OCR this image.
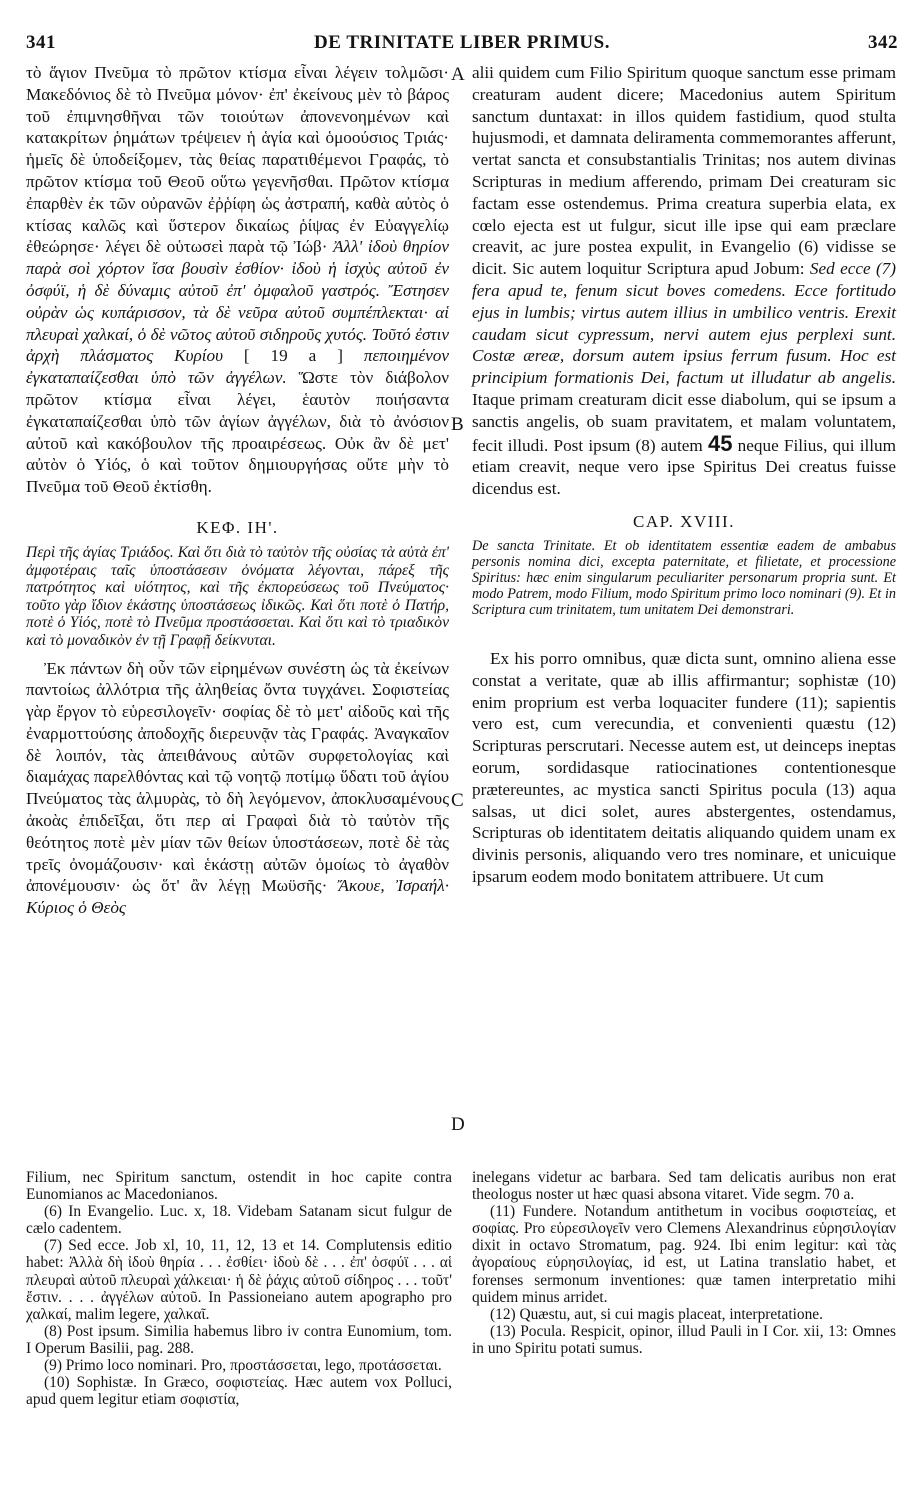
341	DE TRINITATE LIBER PRIMUS.	342

τὸ ἅγιον Πνεῦμα τὸ πρῶτον κτίσμα εἶναι λέγειν τολμῶσι· Μακεδόνιος δὲ τὸ Πνεῦμα μόνον· ἐπ' ἐκείνους μὲν τὸ βάρος τοῦ ἐπιμνησθῆναι τῶν τοιούτων ἀπονενοημένων καὶ κατακρίτων ῥημάτων τρέψειεν ἡ ἁγία καὶ ὁμοούσιος Τριάς· ἡμεῖς δὲ ὑποδείξομεν, τὰς θείας παρατιθέμενοι Γραφάς, τὸ πρῶτον κτίσμα τοῦ Θεοῦ οὕτω γεγενῆσθαι. Πρῶτον κτίσμα ἐπαρθὲν ἐκ τῶν οὐρανῶν ἐῤῥίφη ὡς ἀστραπή, καθὰ αὐτὸς ὁ κτίσας καλῶς καὶ ὕστερον δικαίως ῥίψας ἐν Εὐαγγελίῳ ἐθεώρησε· λέγει δὲ οὑτωσεὶ παρὰ τῷ Ἰώβ· Ἀλλ' ἰδοὺ θηρίον παρὰ σοὶ χόρτον ἴσα βουσὶν ἐσθίον· ἰδοὺ ἡ ἰσχὺς αὐτοῦ ἐν ὀσφύϊ, ἡ δὲ δύναμις αὐτοῦ ἐπ' ὀμφαλοῦ γαστρός. Ἔστησεν οὐρὰν ὡς κυπάρισσον, τὰ δὲ νεῦρα αὐτοῦ συμπέπλεκται· αἱ πλευραὶ χαλκαί, ὁ δὲ νῶτος αὐτοῦ σιδηροῦς χυτός. Τοῦτό ἐστιν ἀρχὴ πλάσματος Κυρίου [ 19 a ] πεποιημένον ἐγκαταπαίζεσθαι ὑπὸ τῶν ἀγγέλων. Ὥστε τὸν διάβολον πρῶτον κτίσμα εἶναι λέγει, ἑαυτὸν ποιήσαντα ἐγκαταπαίζεσθαι ὑπὸ τῶν ἁγίων ἀγγέλων, διὰ τὸ ἀνόσιον αὐτοῦ καὶ κακόβουλον τῆς προαιρέσεως. Οὐκ ἂν δὲ μετ' αὐτὸν ὁ Υἱός, ὁ καὶ τοῦτον δημιουργήσας οὔτε μὴν τὸ Πνεῦμα τοῦ Θεοῦ ἐκτίσθη.

ΚΕΦ. ΙΗ'.

Περὶ τῆς ἁγίας Τριάδος. Καὶ ὅτι διὰ τὸ ταὐτὸν τῆς οὐσίας τὰ αὐτὰ ἐπ' ἀμφοτέραις ταῖς ὑποστάσεσιν ὀνόματα λέγονται, πάρεξ τῆς πατρότητος καὶ υἱότητος, καὶ τῆς ἐκπορεύσεως τοῦ Πνεύματος· τοῦτο γὰρ ἴδιον ἑκάστης ὑποστάσεως ἰδικῶς. Καὶ ὅτι ποτὲ ὁ Πατήρ, ποτὲ ὁ Υἱός, ποτὲ τὸ Πνεῦμα προστάσσεται. Καὶ ὅτι καὶ τὸ τριαδικὸν καὶ τὸ μοναδικὸν ἐν τῇ Γραφῇ δείκνυται.

Ἐκ πάντων δὴ οὖν τῶν εἰρημένων συνέστη ὡς τὰ ἐκείνων παντοίως ἀλλότρια τῆς ἀληθείας ὄντα τυγχάνει. Σοφιστείας γὰρ ἔργον τὸ εὑρεσιλογεῖν· σοφίας δὲ τὸ μετ' αἰδοῦς καὶ τῆς ἐναρμοττούσης ἀποδοχῆς διερευνᾷν τὰς Γραφάς. Ἀναγκαῖον δὲ λοιπόν, τὰς ἀπειθάνους αὐτῶν συρφετολογίας καὶ διαμάχας παρελθόντας καὶ τῷ νοητῷ ποτίμῳ ὕδατι τοῦ ἁγίου Πνεύματος τὰς ἁλμυρὰς, τὸ δὴ λεγόμενον, ἀποκλυσαμένους ἀκοὰς ἐπιδεῖξαι, ὅτι περ αἱ Γραφαὶ διὰ τὸ ταὐτὸν τῆς θεότητος ποτὲ μὲν μίαν τῶν θείων ὑποστάσεων, ποτὲ δὲ τὰς τρεῖς ὀνομάζουσιν· καὶ ἑκάστῃ αὐτῶν ὁμοίως τὸ ἀγαθὸν ἀπονέμουσιν· ὡς ὅτ' ἂν λέγῃ Μωϋσῆς· Ἄκουε, Ἰσραήλ· Κύριος ὁ Θεὸς

A
B
C
D

alii quidem cum Filio Spiritum quoque sanctum esse primam creaturam audent dicere; Macedonius autem Spiritum sanctum duntaxat: in illos quidem fastidium, quod stulta hujusmodi, et damnata deliramenta commemorantes afferunt, vertat sancta et consubstantialis Trinitas; nos autem divinas Scripturas in medium afferendo, primam Dei creaturam sic factam esse ostendemus. Prima creatura superbia elata, ex cœlo ejecta est ut fulgur, sicut ille ipse qui eam præclare creavit, ac jure postea expulit, in Evangelio (6) vidisse se dicit. Sic autem loquitur Scriptura apud Jobum: Sed ecce (7) fera apud te, fenum sicut boves comedens. Ecce fortitudo ejus in lumbis; virtus autem illius in umbilico ventris. Erexit caudam sicut cypressum, nervi autem ejus perplexi sunt. Costæ æreæ, dorsum autem ipsius ferrum fusum. Hoc est principium formationis Dei, factum ut illudatur ab angelis. Itaque primam creaturam dicit esse diabolum, qui se ipsum a sanctis angelis, ob suam pravitatem, et malam voluntatem, fecit illudi. Post ipsum (8) autem 45 neque Filius, qui illum etiam creavit, neque vero ipse Spiritus Dei creatus fuisse dicendus est.

CAP. XVIII.

De sancta Trinitate. Et ob identitatem essentiæ eadem de ambabus personis nomina dici, excepta paternitate, et filietate, et processione Spiritus: hæc enim singularum peculiariter personarum propria sunt. Et modo Patrem, modo Filium, modo Spiritum primo loco nominari (9). Et in Scriptura cum trinitatem, tum unitatem Dei demonstrari.

Ex his porro omnibus, quæ dicta sunt, omnino aliena esse constat a veritate, quæ ab illis affirmantur; sophistæ (10) enim proprium est verba loquaciter fundere (11); sapientis vero est, cum verecundia, et convenienti quæstu (12) Scripturas perscrutari. Necesse autem est, ut deinceps ineptas eorum, sordidasque ratiocinationes contentionesque prætereuntes, ac mystica sancti Spiritus pocula (13) aqua salsas, ut dici solet, aures abstergentes, ostendamus, Scripturas ob identitatem deitatis aliquando quidem unam ex divinis personis, aliquando vero tres nominare, et unicuique ipsarum eodem modo bonitatem attribuere. Ut cum

Filium, nec Spiritum sanctum, ostendit in hoc capite contra Eunomianos ac Macedonianos.

(6) In Evangelio. Luc. x, 18. Videbam Satanam sicut fulgur de cælo cadentem.

(7) Sed ecce. Job xl, 10, 11, 12, 13 et 14. Complutensis editio habet: Ἀλλὰ δὴ ἰδοὺ θηρία . . . ἐσθίει· ἰδοὺ δὲ . . . ἐπ' ὀσφύϊ . . . αἱ πλευραὶ αὐτοῦ πλευραὶ χάλκειαι· ἡ δὲ ῥάχις αὐτοῦ σίδηρος . . . τοῦτ' ἔστιν. . . . ἀγγέλων αὐτοῦ. In Passioneiano autem apographo pro χαλκαί, malim legere, χαλκαῖ.

(8) Post ipsum. Similia habemus libro iv contra Eunomium, tom. I Operum Basilii, pag. 288.

(9) Primo loco nominari. Pro, προστάσσεται, lego, προτάσσεται.

(10) Sophistæ. In Græco, σοφιστείας. Hæc autem vox Polluci, apud quem legitur etiam σοφιστία,

inelegans videtur ac barbara. Sed tam delicatis auribus non erat theologus noster ut hæc quasi absona vitaret. Vide segm. 70 a.

(11) Fundere. Notandum antithetum in vocibus σοφιστείας, et σοφίας. Pro εὑρεσιλογεῖν vero Clemens Alexandrinus εὑρησιλογίαν dixit in octavo Stromatum, pag. 924. Ibi enim legitur: καὶ τὰς ἀγοραίους εὑρησιλογίας, id est, ut Latina translatio habet, et forenses sermonum inventiones: quæ tamen interpretatio mihi quidem minus arridet.

(12) Quæstu, aut, si cui magis placeat, interpretatione.

(13) Pocula. Respicit, opinor, illud Pauli in I Cor. xii, 13: Omnes in uno Spiritu potati sumus.
